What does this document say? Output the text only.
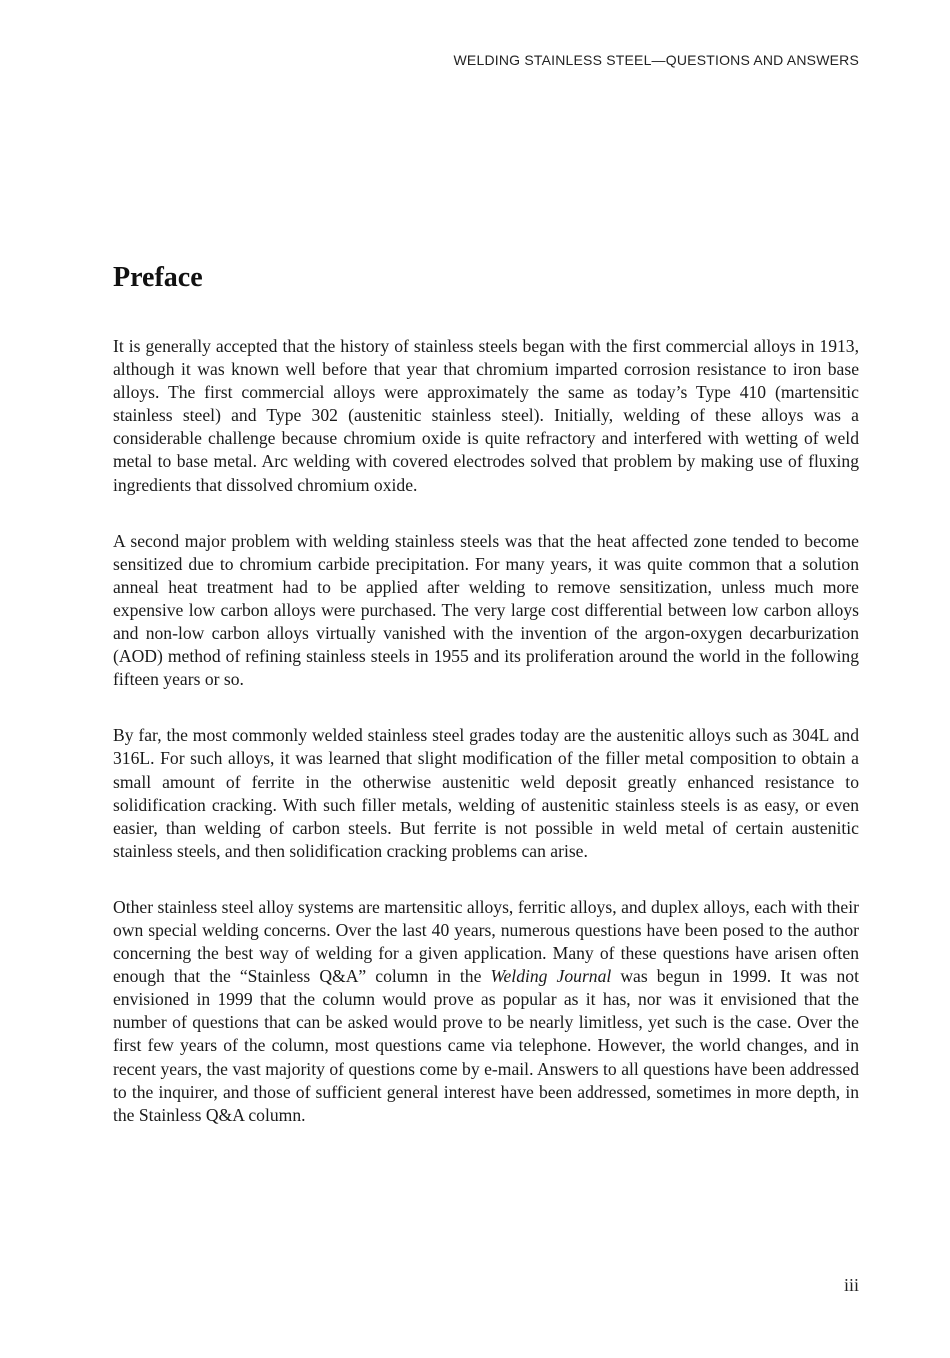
WELDING STAINLESS STEEL—QUESTIONS AND ANSWERS
Preface

It is generally accepted that the history of stainless steels began with the first commercial alloys in 1913, although it was known well before that year that chromium imparted corrosion resistance to iron base alloys. The first commercial alloys were approximately the same as today’s Type 410 (martensitic stainless steel) and Type 302 (austenitic stainless steel). Initially, welding of these alloys was a considerable challenge because chromium oxide is quite refractory and interfered with wetting of weld metal to base metal. Arc welding with covered electrodes solved that problem by making use of fluxing ingredients that dissolved chromium oxide.

A second major problem with welding stainless steels was that the heat affected zone tended to become sensitized due to chromium carbide precipitation. For many years, it was quite common that a solution anneal heat treatment had to be applied after welding to remove sensitization, unless much more expensive low carbon alloys were purchased. The very large cost differential between low carbon alloys and non-low carbon alloys virtually vanished with the invention of the argon-oxygen decarburization (AOD) method of refining stainless steels in 1955 and its proliferation around the world in the following fifteen years or so.

By far, the most commonly welded stainless steel grades today are the austenitic alloys such as 304L and 316L. For such alloys, it was learned that slight modification of the filler metal composition to obtain a small amount of ferrite in the otherwise austenitic weld deposit greatly enhanced resistance to solidification cracking. With such filler metals, welding of austenitic stainless steels is as easy, or even easier, than welding of carbon steels. But ferrite is not possible in weld metal of certain austenitic stainless steels, and then solidification cracking problems can arise.

Other stainless steel alloy systems are martensitic alloys, ferritic alloys, and duplex alloys, each with their own special welding concerns. Over the last 40 years, numerous questions have been posed to the author concerning the best way of welding for a given application. Many of these questions have arisen often enough that the “Stainless Q&A” column in the Welding Journal was begun in 1999. It was not envisioned in 1999 that the column would prove as popular as it has, nor was it envisioned that the number of questions that can be asked would prove to be nearly limitless, yet such is the case. Over the first few years of the column, most questions came via telephone. However, the world changes, and in recent years, the vast majority of questions come by e-mail. Answers to all questions have been addressed to the inquirer, and those of sufficient general interest have been addressed, sometimes in more depth, in the Stainless Q&A column.

iii
